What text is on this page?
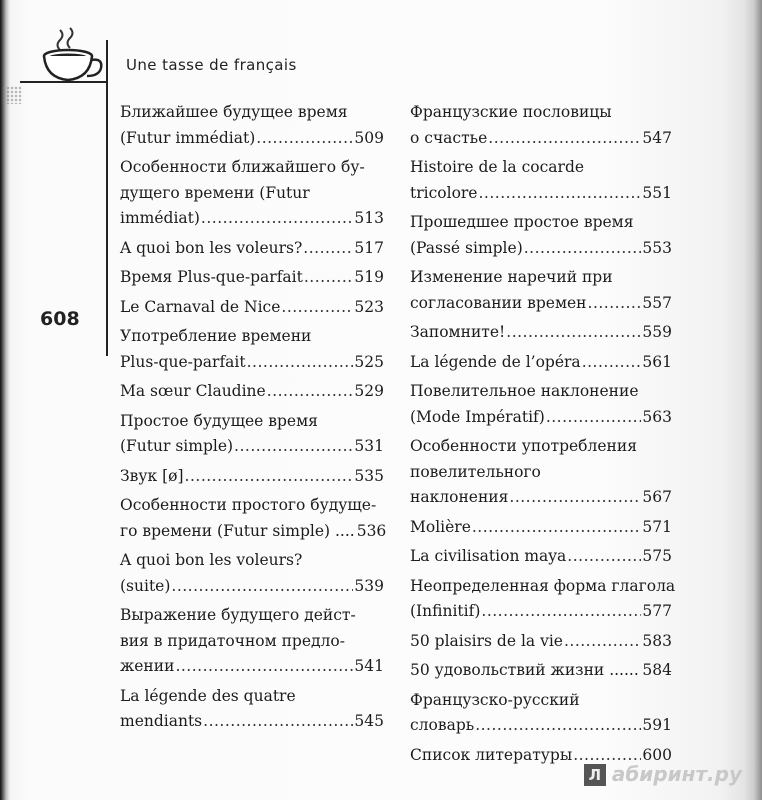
Une tasse de français
608
Ближайшее будущее время
(Futur immédiat) .....	509
Особенности ближайшего бу-
дущего времени (Futur
immédiat) .....	513
A quoi bon les voleurs? .....	517
Время Plus-que-parfait .....	519
Le Carnaval de Nice .....	523
Употребление времени
Plus-que-parfait .....	525
Ma sœur Claudine .....	529
Простое будущее время
(Futur simple) .....	531
Звук [ø] .....	535
Особенности простого будуще-
го времени (Futur simple) .... 536
A quoi bon les voleurs?
(suite) .....	539
Выражение будущего дейст-
вия в придаточном предло-
жении .....	541
La légende des quatre
mendiants .....	545
Французские пословицы
о счастье .....	547
Histoire de la cocarde
tricolore .....	551
Прошедшее простое время
(Passé simple) .....	553
Изменение наречий при
согласовании времен .....	557
Запомните! .....	559
La légende de l’opéra .....	561
Повелительное наклонение
(Mode Impératif) .....	563
Особенности употребления
повелительного
наклонения .....	567
Molière .....	571
La civilisation maya .....	575
Неопределенная форма глагола
(Infinitif) .....	577
50 plaisirs de la vie .....	583
50 удовольствий жизни ...... ..... 584
Французско-русский
словарь .....	591
Список литературы .....	600
Л абиринт.ру
